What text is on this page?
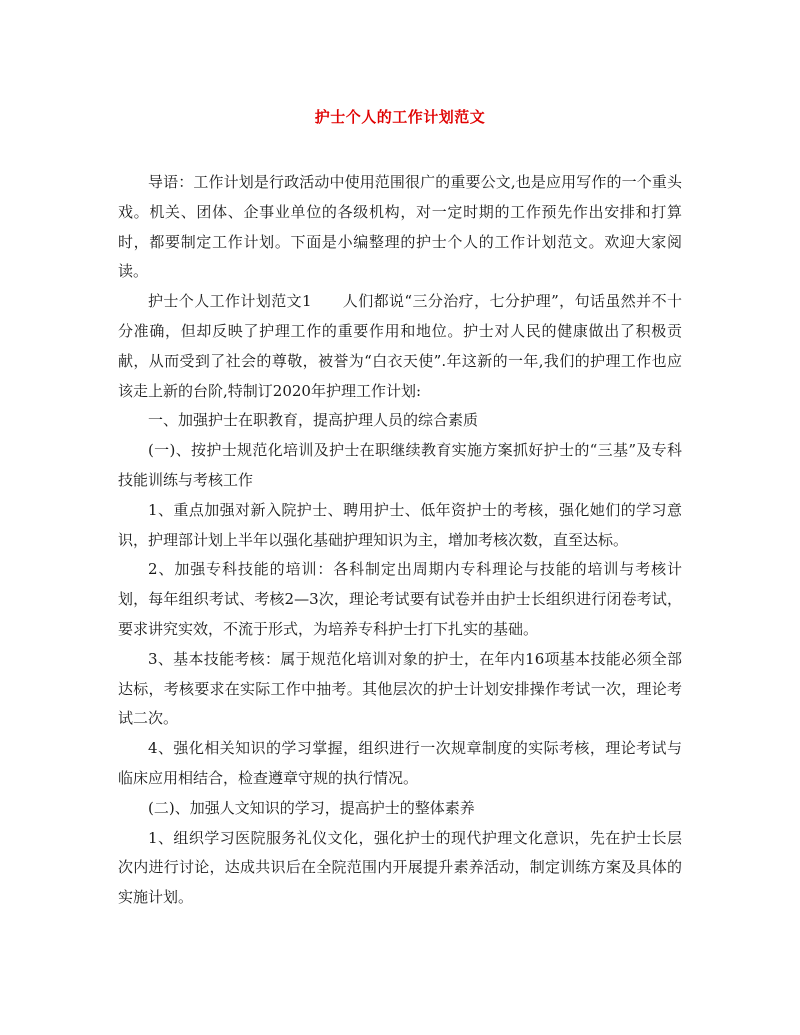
护士个人的工作计划范文

导语：工作计划是行政活动中使用范围很广的重要公文,也是应用写作的一个重头戏。机关、团体、企事业单位的各级机构，对一定时期的工作预先作出安排和打算时，都要制定工作计划。下面是小编整理的护士个人的工作计划范文。欢迎大家阅读。

护士个人工作计划范文1　　人们都说“三分治疗，七分护理”，句话虽然并不十分准确，但却反映了护理工作的重要作用和地位。护士对人民的健康做出了积极贡献，从而受到了社会的尊敬，被誉为“白衣天使”.年这新的一年,我们的护理工作也应该走上新的台阶,特制订2020年护理工作计划:

一、加强护士在职教育，提高护理人员的综合素质

(一)、按护士规范化培训及护士在职继续教育实施方案抓好护士的“三基”及专科技能训练与考核工作

1、重点加强对新入院护士、聘用护士、低年资护士的考核，强化她们的学习意识，护理部计划上半年以强化基础护理知识为主，增加考核次数，直至达标。

2、加强专科技能的培训：各科制定出周期内专科理论与技能的培训与考核计划，每年组织考试、考核2—3次，理论考试要有试卷并由护士长组织进行闭卷考试，要求讲究实效，不流于形式，为培养专科护士打下扎实的基础。

3、基本技能考核：属于规范化培训对象的护士，在年内16项基本技能必须全部达标，考核要求在实际工作中抽考。其他层次的护士计划安排操作考试一次，理论考试二次。

4、强化相关知识的学习掌握，组织进行一次规章制度的实际考核，理论考试与临床应用相结合，检查遵章守规的执行情况。

(二)、加强人文知识的学习，提高护士的整体素养

1、组织学习医院服务礼仪文化，强化护士的现代护理文化意识，先在护士长层次内进行讨论，达成共识后在全院范围内开展提升素养活动，制定训练方案及具体的实施计划。
